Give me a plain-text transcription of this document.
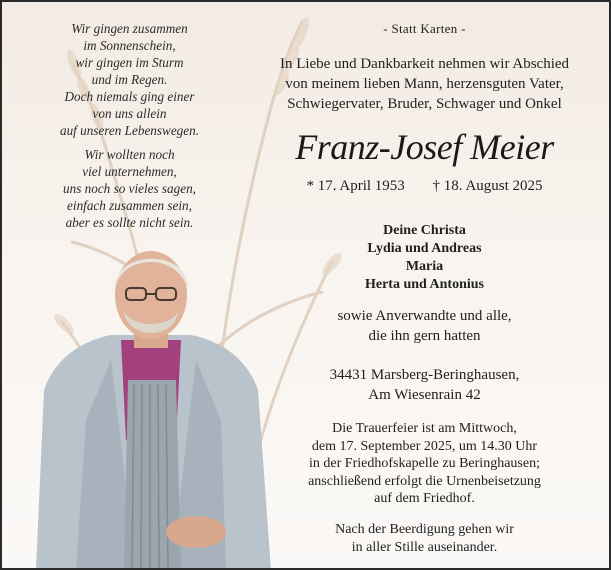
Wir gingen zusammen
im Sonnenschein,
wir gingen im Sturm
und im Regen.
Doch niemals ging einer
von uns allein
auf unseren Lebenswegen.
Wir wollten noch
viel unternehmen,
uns noch so vieles sagen,
einfach zusammen sein,
aber es sollte nicht sein.
- Statt Karten -
In Liebe und Dankbarkeit nehmen wir Abschied
von meinem lieben Mann, herzensguten Vater,
Schwiegervater, Bruder, Schwager und Onkel
Franz-Josef Meier
* 17. April 1953 † 18. August 2025
Deine Christa
Lydia und Andreas
Maria
Herta und Antonius
sowie Anverwandte und alle,
die ihn gern hatten
34431 Marsberg-Beringhausen,
Am Wiesenrain 42
Die Trauerfeier ist am Mittwoch,
dem 17. September 2025, um 14.30 Uhr
in der Friedhofskapelle zu Beringhausen;
anschließend erfolgt die Urnenbeisetzung
auf dem Friedhof.
Nach der Beerdigung gehen wir
in aller Stille auseinander.
